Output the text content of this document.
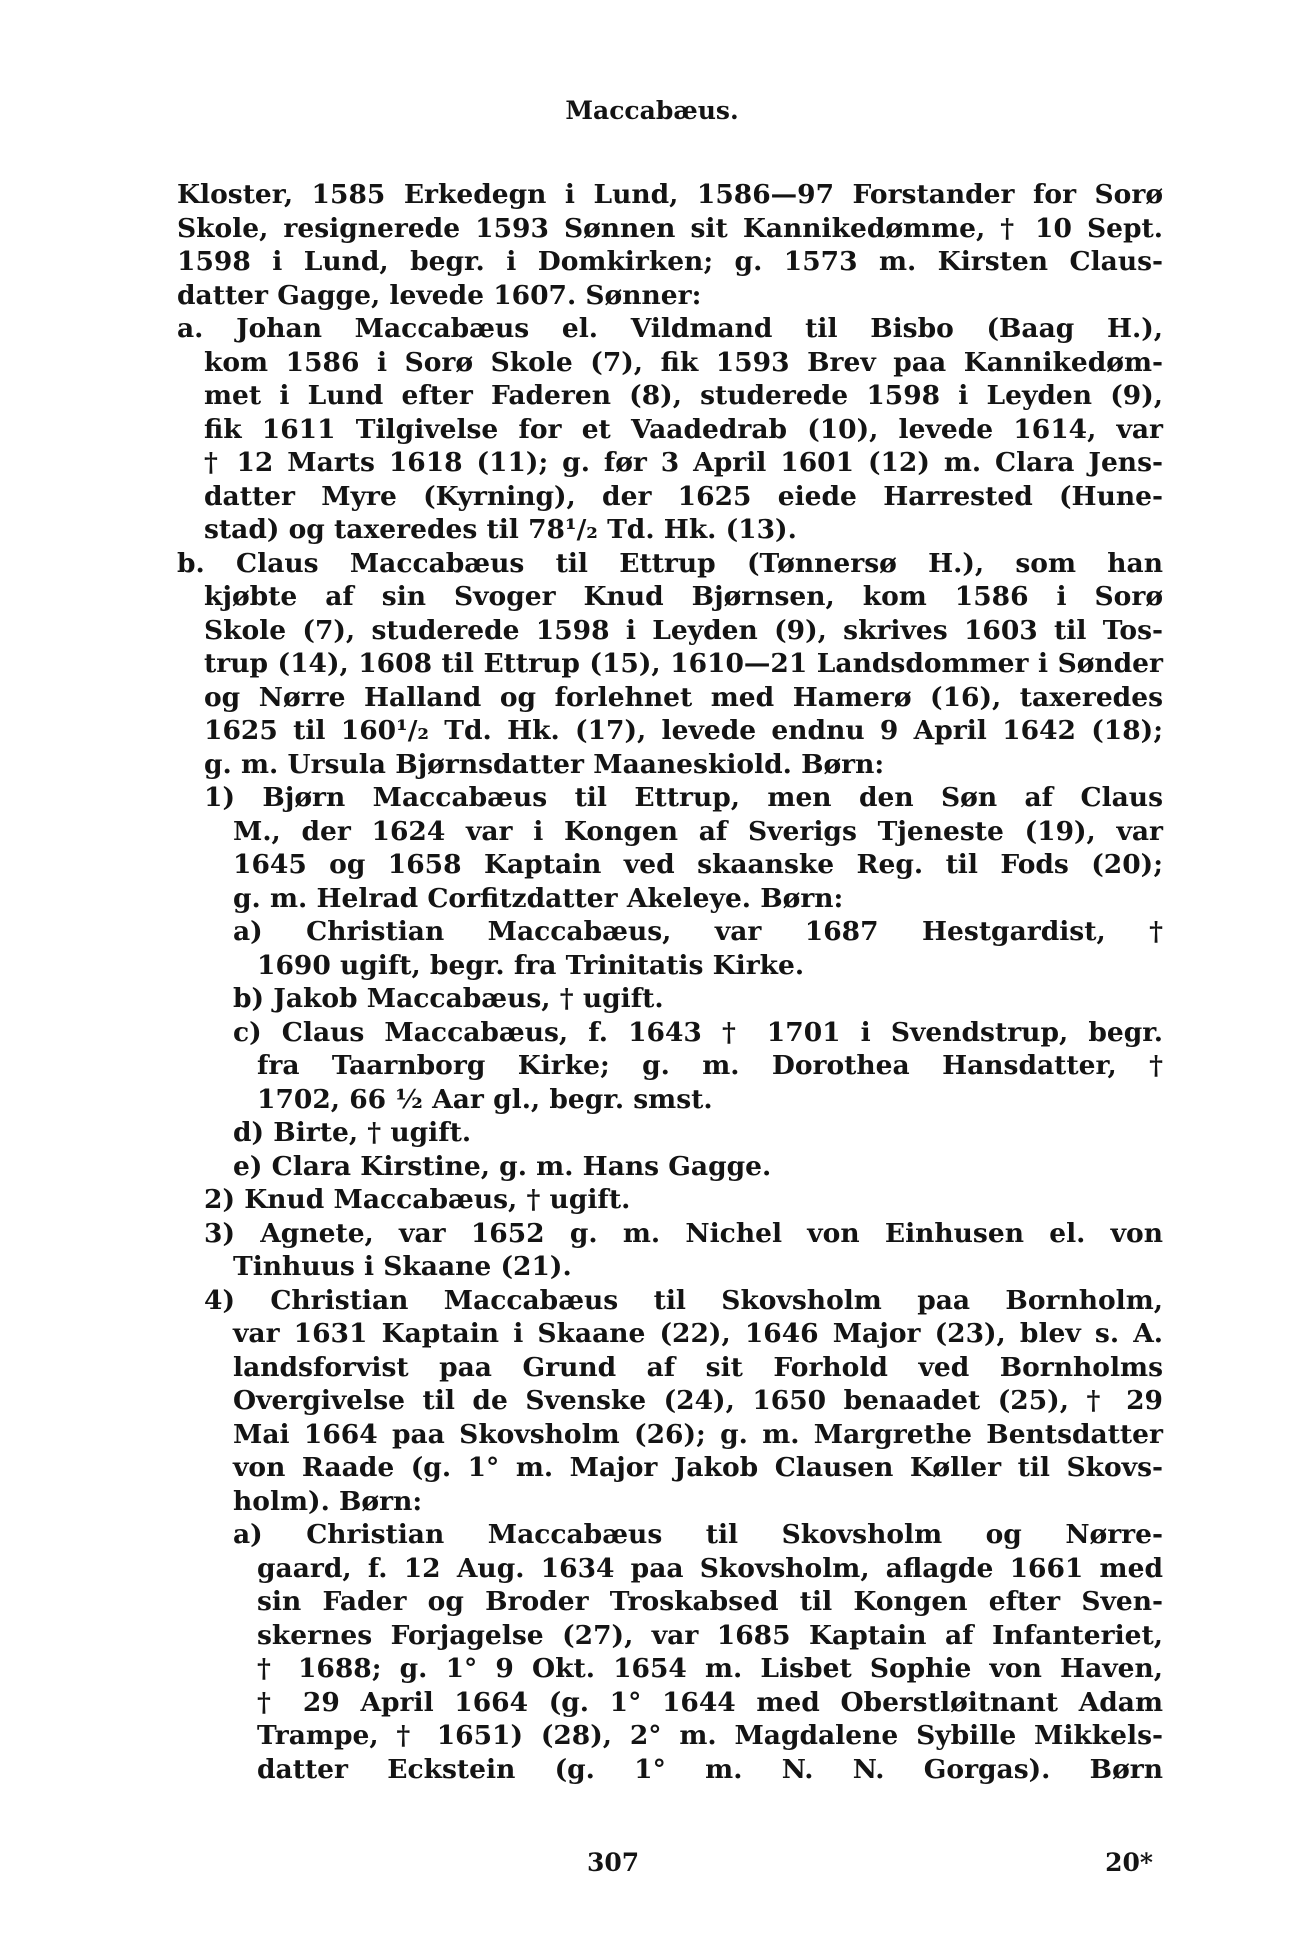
Maccabæus.

Kloster, 1585 Erkedegn i Lund, 1586—97 Forstander for Sorø

Skole, resignerede 1593 Sønnen sit Kannikedømme, † 10 Sept.

1598 i Lund, begr. i Domkirken; g. 1573 m. Kirsten Claus-

datter Gagge, levede 1607. Sønner:

a. Johan Maccabæus el. Vildmand til Bisbo (Baag H.),

kom 1586 i Sorø Skole (7), fik 1593 Brev paa Kannikedøm-

met i Lund efter Faderen (8), studerede 1598 i Leyden (9),

fik 1611 Tilgivelse for et Vaadedrab (10), levede 1614, var

† 12 Marts 1618 (11); g. før 3 April 1601 (12) m. Clara Jens-

datter Myre (Kyrning), der 1625 eiede Harrested (Hune-

stad) og taxeredes til 78¹/₂ Td. Hk. (13).

b. Claus Maccabæus til Ettrup (Tønnersø H.), som han

kjøbte af sin Svoger Knud Bjørnsen, kom 1586 i Sorø

Skole (7), studerede 1598 i Leyden (9), skrives 1603 til Tos-

trup (14), 1608 til Ettrup (15), 1610—21 Landsdommer i Sønder

og Nørre Halland og forlehnet med Hamerø (16), taxeredes

1625 til 160¹/₂ Td. Hk. (17), levede endnu 9 April 1642 (18);

g. m. Ursula Bjørnsdatter Maaneskiold. Børn:

1) Bjørn Maccabæus til Ettrup, men den Søn af Claus

M., der 1624 var i Kongen af Sverigs Tjeneste (19), var

1645 og 1658 Kaptain ved skaanske Reg. til Fods (20);

g. m. Helrad Corfitzdatter Akeleye. Børn:

a) Christian Maccabæus, var 1687 Hestgardist, †

1690 ugift, begr. fra Trinitatis Kirke.

b) Jakob Maccabæus, † ugift.

c) Claus Maccabæus, f. 1643 † 1701 i Svendstrup, begr.

fra Taarnborg Kirke; g. m. Dorothea Hansdatter, †

1702, 66 ½ Aar gl., begr. smst.

d) Birte, † ugift.

e) Clara Kirstine, g. m. Hans Gagge.

2) Knud Maccabæus, † ugift.

3) Agnete, var 1652 g. m. Nichel von Einhusen el. von

Tinhuus i Skaane (21).

4) Christian Maccabæus til Skovsholm paa Bornholm,

var 1631 Kaptain i Skaane (22), 1646 Major (23), blev s. A.

landsforvist paa Grund af sit Forhold ved Bornholms

Overgivelse til de Svenske (24), 1650 benaadet (25), † 29

Mai 1664 paa Skovsholm (26); g. m. Margrethe Bentsdatter

von Raade (g. 1° m. Major Jakob Clausen Køller til Skovs-

holm). Børn:

a) Christian Maccabæus til Skovsholm og Nørre-

gaard, f. 12 Aug. 1634 paa Skovsholm, aflagde 1661 med

sin Fader og Broder Troskabsed til Kongen efter Sven-

skernes Forjagelse (27), var 1685 Kaptain af Infanteriet,

† 1688; g. 1° 9 Okt. 1654 m. Lisbet Sophie von Haven,

† 29 April 1664 (g. 1° 1644 med Oberstløitnant Adam

Trampe, † 1651) (28), 2° m. Magdalene Sybille Mikkels-

datter Eckstein (g. 1° m. N. N. Gorgas). Børn

307	20*
